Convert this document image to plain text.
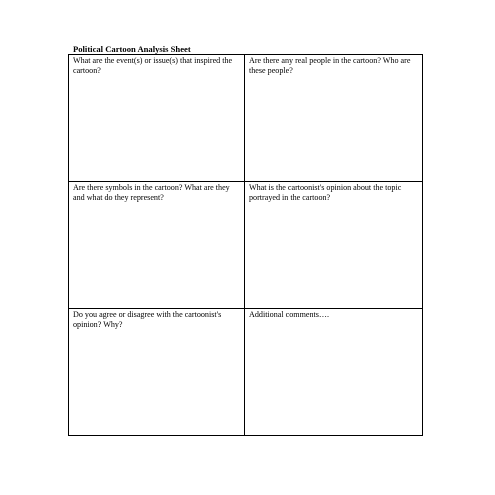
Political Cartoon Analysis Sheet
What are the event(s) or issue(s) that inspired the cartoon?
Are there any real people in the cartoon? Who are these people?
Are there symbols in the cartoon? What are they and what do they represent?
What is the cartoonist's opinion about the topic portrayed in the cartoon?
Do you agree or disagree with the cartoonist's opinion? Why?
Additional comments….
